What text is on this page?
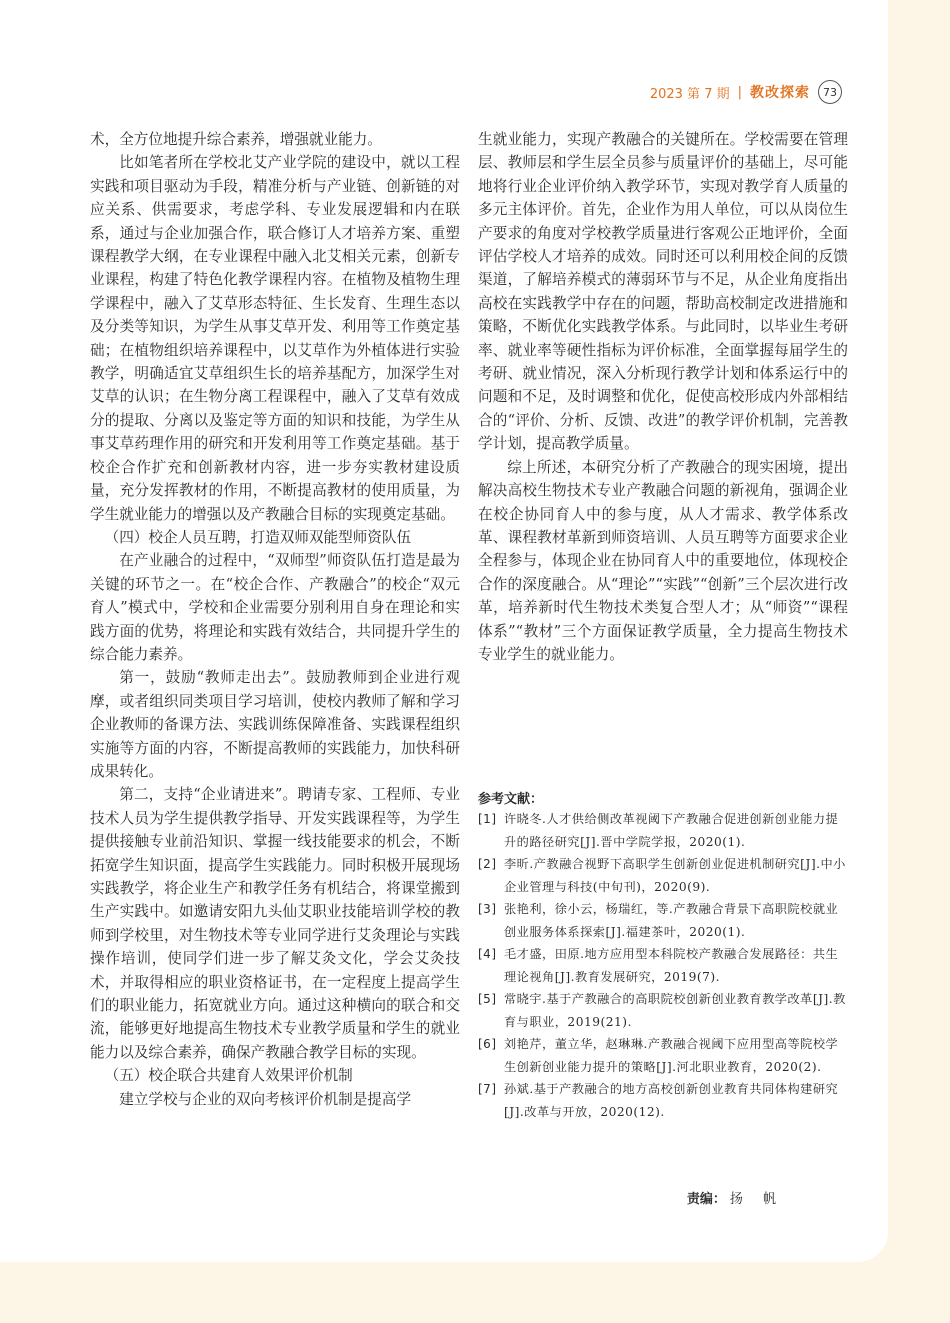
2023 第 7 期 | 教改探索	73

术，全方位地提升综合素养，增强就业能力。

比如笔者所在学校北艾产业学院的建设中，就以工程实践和项目驱动为手段，精准分析与产业链、创新链的对应关系、供需要求，考虑学科、专业发展逻辑和内在联系，通过与企业加强合作，联合修订人才培养方案、重塑课程教学大纲，在专业课程中融入北艾相关元素，创新专业课程，构建了特色化教学课程内容。在植物及植物生理学课程中，融入了艾草形态特征、生长发育、生理生态以及分类等知识，为学生从事艾草开发、利用等工作奠定基础；在植物组织培养课程中，以艾草作为外植体进行实验教学，明确适宜艾草组织生长的培养基配方，加深学生对艾草的认识；在生物分离工程课程中，融入了艾草有效成分的提取、分离以及鉴定等方面的知识和技能，为学生从事艾草药理作用的研究和开发利用等工作奠定基础。基于校企合作扩充和创新教材内容，进一步夯实教材建设质量，充分发挥教材的作用，不断提高教材的使用质量，为学生就业能力的增强以及产教融合目标的实现奠定基础。

（四）校企人员互聘，打造双师双能型师资队伍

在产业融合的过程中，“双师型”师资队伍打造是最为关键的环节之一。在“校企合作、产教融合”的校企“双元育人”模式中，学校和企业需要分别利用自身在理论和实践方面的优势，将理论和实践有效结合，共同提升学生的综合能力素养。

第一，鼓励“教师走出去”。鼓励教师到企业进行观摩，或者组织同类项目学习培训，使校内教师了解和学习企业教师的备课方法、实践训练保障准备、实践课程组织实施等方面的内容，不断提高教师的实践能力，加快科研成果转化。

第二，支持“企业请进来”。聘请专家、工程师、专业技术人员为学生提供教学指导、开发实践课程等，为学生提供接触专业前沿知识、掌握一线技能要求的机会，不断拓宽学生知识面，提高学生实践能力。同时积极开展现场实践教学，将企业生产和教学任务有机结合，将课堂搬到生产实践中。如邀请安阳九头仙艾职业技能培训学校的教师到学校里，对生物技术等专业同学进行艾灸理论与实践操作培训，使同学们进一步了解艾灸文化，学会艾灸技术，并取得相应的职业资格证书，在一定程度上提高学生们的职业能力，拓宽就业方向。通过这种横向的联合和交流，能够更好地提高生物技术专业教学质量和学生的就业能力以及综合素养，确保产教融合教学目标的实现。

（五）校企联合共建育人效果评价机制

建立学校与企业的双向考核评价机制是提高学

生就业能力，实现产教融合的关键所在。学校需要在管理层、教师层和学生层全员参与质量评价的基础上，尽可能地将行业企业评价纳入教学环节，实现对教学育人质量的多元主体评价。首先，企业作为用人单位，可以从岗位生产要求的角度对学校教学质量进行客观公正地评价，全面评估学校人才培养的成效。同时还可以利用校企间的反馈渠道，了解培养模式的薄弱环节与不足，从企业角度指出高校在实践教学中存在的问题，帮助高校制定改进措施和策略，不断优化实践教学体系。与此同时，以毕业生考研率、就业率等硬性指标为评价标准，全面掌握每届学生的考研、就业情况，深入分析现行教学计划和体系运行中的问题和不足，及时调整和优化，促使高校形成内外部相结合的“评价、分析、反馈、改进”的教学评价机制，完善教学计划，提高教学质量。

综上所述，本研究分析了产教融合的现实困境，提出解决高校生物技术专业产教融合问题的新视角，强调企业在校企协同育人中的参与度，从人才需求、教学体系改革、课程教材革新到师资培训、人员互聘等方面要求企业全程参与，体现企业在协同育人中的重要地位，体现校企合作的深度融合。从“理论”“实践”“创新”三个层次进行改革，培养新时代生物技术类复合型人才；从“师资”“课程体系”“教材”三个方面保证教学质量，全力提高生物技术专业学生的就业能力。

参考文献：
[1] 许晓冬.人才供给侧改革视阈下产教融合促进创新创业能力提升的路径研究[J].晋中学院学报，2020(1).
[2] 李昕.产教融合视野下高职学生创新创业促进机制研究[J].中小企业管理与科技(中旬刊)，2020(9).
[3] 张艳利，徐小云，杨瑞红，等.产教融合背景下高职院校就业创业服务体系探索[J].福建茶叶，2020(1).
[4] 毛才盛，田原.地方应用型本科院校产教融合发展路径：共生理论视角[J].教育发展研究，2019(7).
[5] 常晓宇.基于产教融合的高职院校创新创业教育教学改革[J].教育与职业，2019(21).
[6] 刘艳芹，董立华，赵琳琳.产教融合视阈下应用型高等院校学生创新创业能力提升的策略[J].河北职业教育，2020(2).
[7] 孙斌.基于产教融合的地方高校创新创业教育共同体构建研究[J].改革与开放，2020(12).
责编： 扬 帆
